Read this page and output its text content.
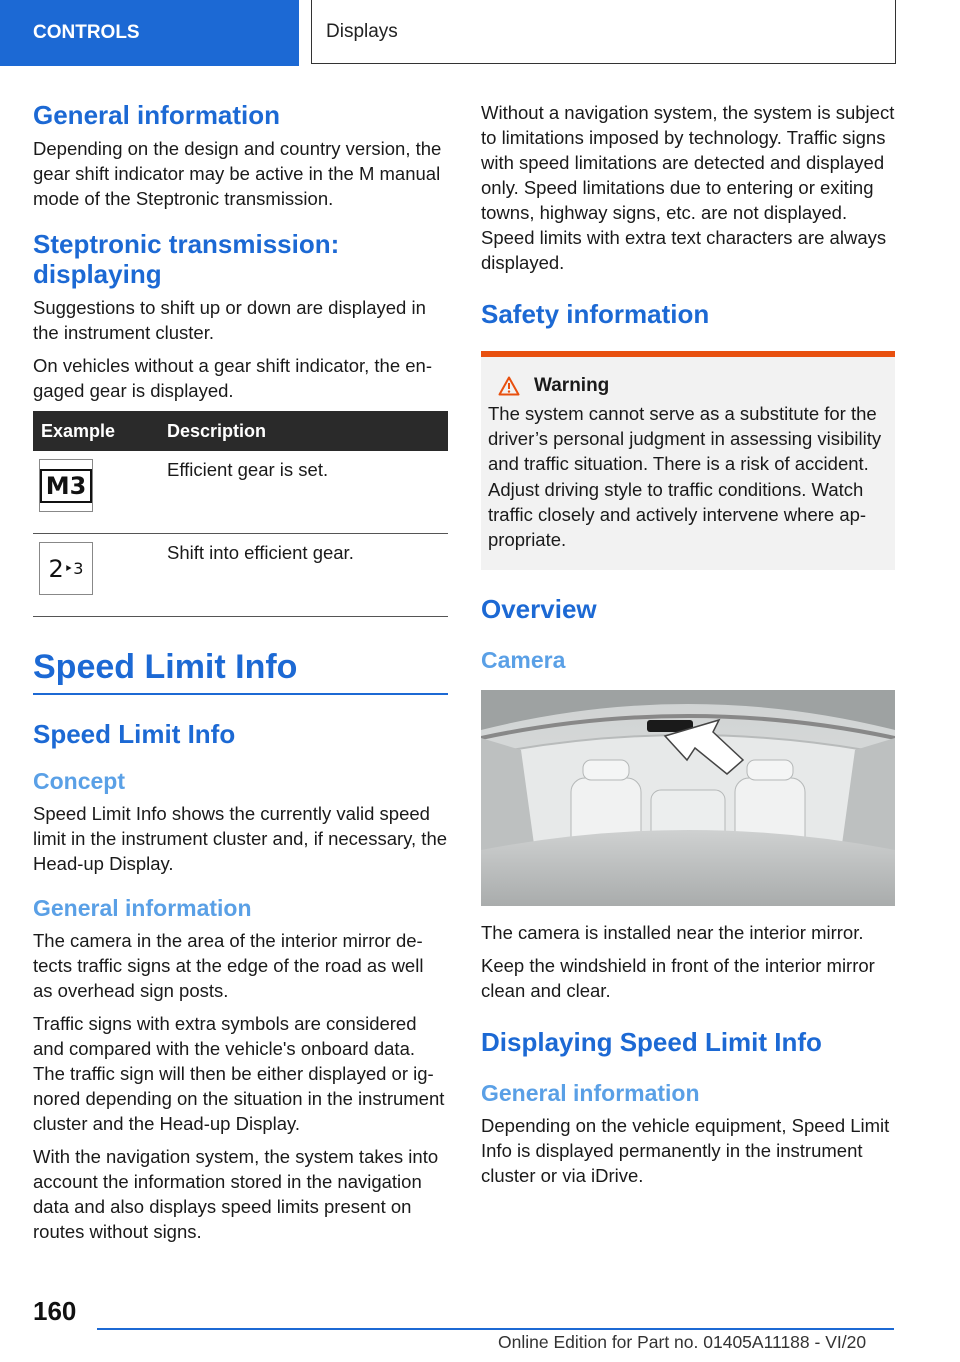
CONTROLS	Displays
General information

Depending on the design and country version, the gear shift indicator may be active in the M manual mode of the Steptronic transmission.

Steptronic transmission: displaying

Suggestions to shift up or down are displayed in the instrument cluster.

On vehicles without a gear shift indicator, the engaged gear is displayed.

Example	Description

M3	Efficient gear is set.

2 ‣ 3	Shift into efficient gear.
Speed Limit Info
Speed Limit Info
Concept

Speed Limit Info shows the currently valid speed limit in the instrument cluster and, if necessary, the Head-up Display.

General information

The camera in the area of the interior mirror detects traffic signs at the edge of the road as well as overhead sign posts.

Traffic signs with extra symbols are considered and compared with the vehicle's onboard data. The traffic sign will then be either displayed or ignored depending on the situation in the instrument cluster and the Head-up Display.

With the navigation system, the system takes into account the information stored in the navigation data and also displays speed limits present on routes without signs.

Without a navigation system, the system is subject to limitations imposed by technology. Traffic signs with speed limitations are detected and displayed only. Speed limitations due to entering or exiting towns, highway signs, etc. are not displayed. Speed limits with extra text characters are always displayed.

Safety information
Warning
The system cannot serve as a substitute for the driver’s personal judgment in assessing visibility and traffic situation. There is a risk of accident. Adjust driving style to traffic conditions. Watch traffic closely and actively intervene where appropriate.
Overview
Camera

The camera is installed near the interior mirror.

Keep the windshield in front of the interior mirror clean and clear.

Displaying Speed Limit Info
General information

Depending on the vehicle equipment, Speed Limit Info is displayed permanently in the instrument cluster or via iDrive.

160
Online Edition for Part no. 01405A11188 - VI/20
